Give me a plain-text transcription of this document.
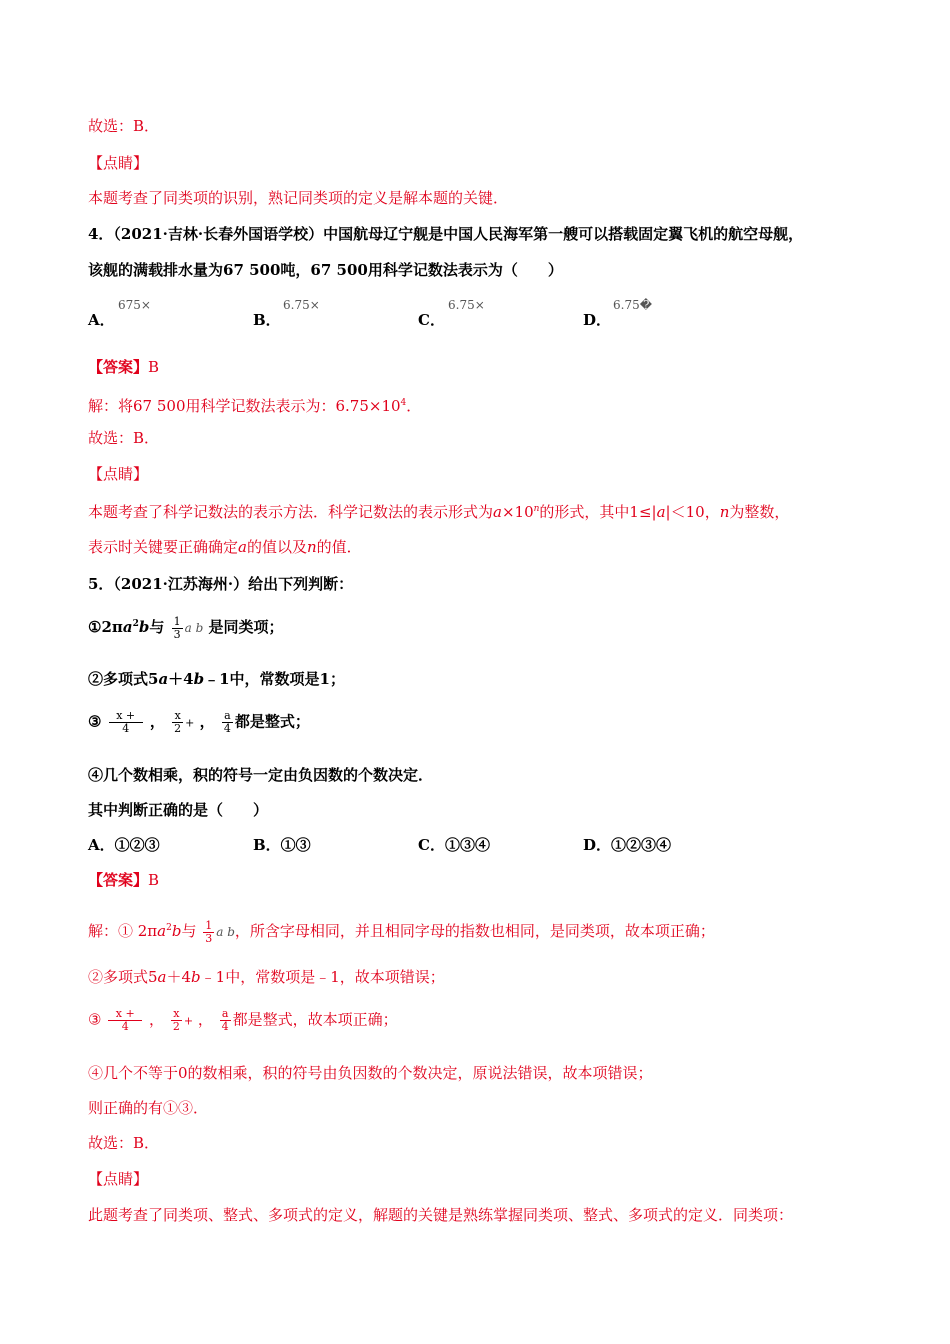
故选：B．
【点睛】
本题考查了同类项的识别，熟记同类项的定义是解本题的关键．
4．（2021·吉林·长春外国语学校）中国航母辽宁舰是中国人民海军第一艘可以搭载固定翼飞机的航空母舰，
该舰的满载排水量为67 500吨，67 500用科学记数法表示为（　　）
A．
675×
B．
6.75×
C．
6.75×
D．
6.75�
【答案】B
解：将67 500用科学记数法表示为：$6.75\times 10^4$．
故选：B．
【点睛】
本题考查了科学记数法的表示方法．科学记数法的表示形式为$a\times 10^n$的形式，其中1≤|a|＜10，n为整数，
表示时关键要正确确定a的值以及n的值．
5．（2021·江苏海州·）给出下列判断：
$①2\pi a^2b$与 $\frac{1}{3}$ a b 是同类项；
②多项式5a＋4b﹣1中，常数项是1；
③ $\frac{x +}{4}$ ， $\frac{x}{2}$ + ， $\frac{a}{4}$ 都是整式；
④几个数相乘，积的符号一定由负因数的个数决定．
其中判断正确的是（　　）
A．①②③	B．①③	C．①③④	D．①②③④
【答案】B
解：① $2\pi a^2b$与 $\frac{1}{3}$ a b，所含字母相同，并且相同字母的指数也相同，是同类项，故本项正确；
②多项式5a＋4b﹣1中，常数项是﹣1，故本项错误；
③ $\frac{x +}{4}$ ， $\frac{x}{2}$ + ， $\frac{a}{4}$ 都是整式，故本项正确；
④几个不等于0的数相乘，积的符号由负因数的个数决定，原说法错误，故本项错误；
则正确的有①③．
故选：B．
【点睛】
此题考查了同类项、整式、多项式的定义，解题的关键是熟练掌握同类项、整式、多项式的定义．同类项：
